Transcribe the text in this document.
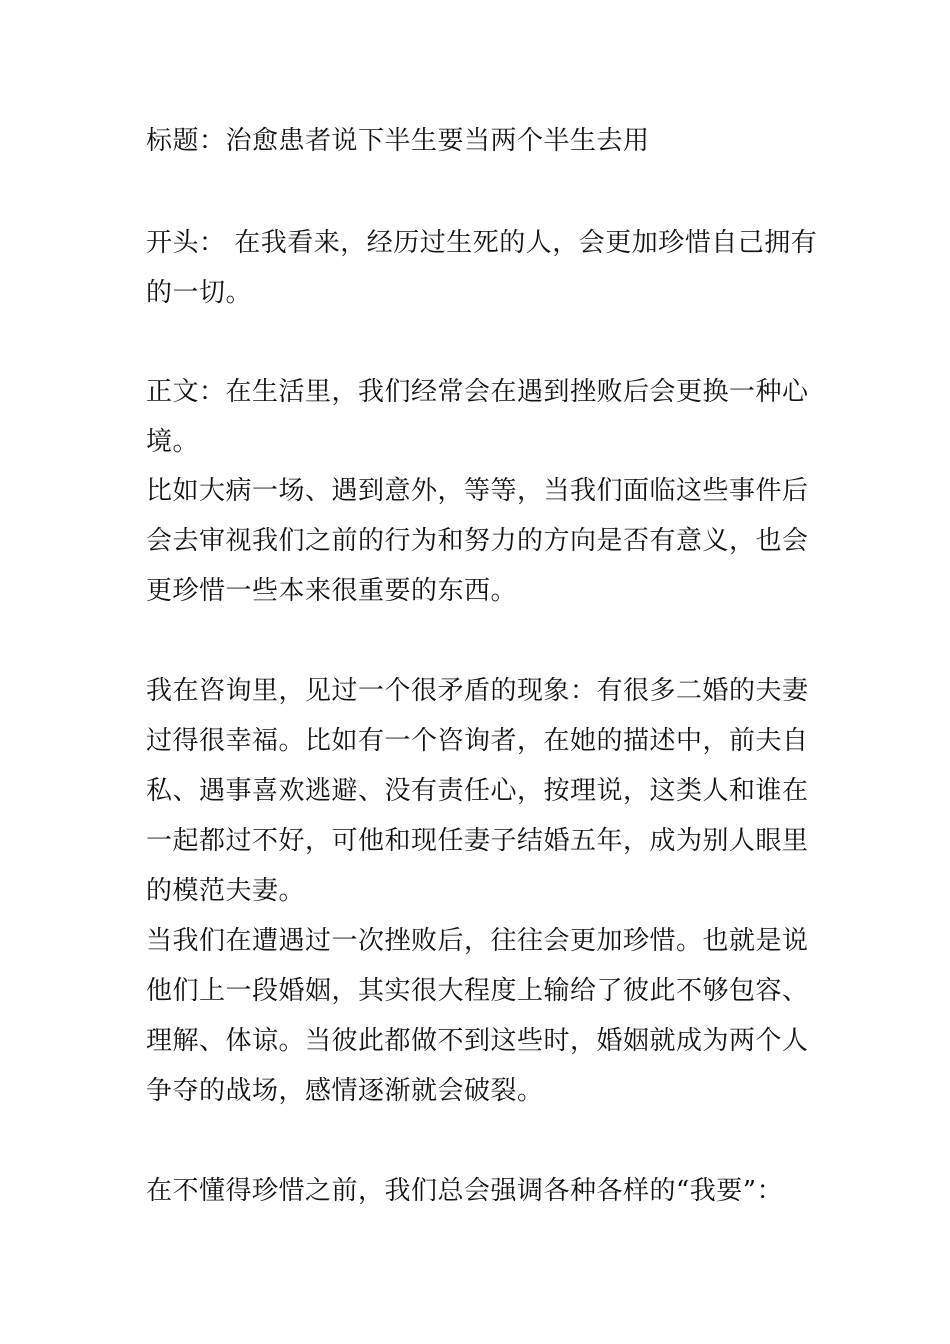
标题：治愈患者说下半生要当两个半生去用
开头： 在我看来，经历过生死的人，会更加珍惜自己拥有
的一切。
正文：在生活里，我们经常会在遇到挫败后会更换一种心
境。
比如大病一场、遇到意外，等等，当我们面临这些事件后
会去审视我们之前的行为和努力的方向是否有意义，也会
更珍惜一些本来很重要的东西。
我在咨询里，见过一个很矛盾的现象：有很多二婚的夫妻
过得很幸福。比如有一个咨询者，在她的描述中，前夫自
私、遇事喜欢逃避、没有责任心，按理说，这类人和谁在
一起都过不好，可他和现任妻子结婚五年，成为别人眼里
的模范夫妻。
当我们在遭遇过一次挫败后，往往会更加珍惜。也就是说
他们上一段婚姻，其实很大程度上输给了彼此不够包容、
理解、体谅。当彼此都做不到这些时，婚姻就成为两个人
争夺的战场，感情逐渐就会破裂。
在不懂得珍惜之前，我们总会强调各种各样的“我要”：
